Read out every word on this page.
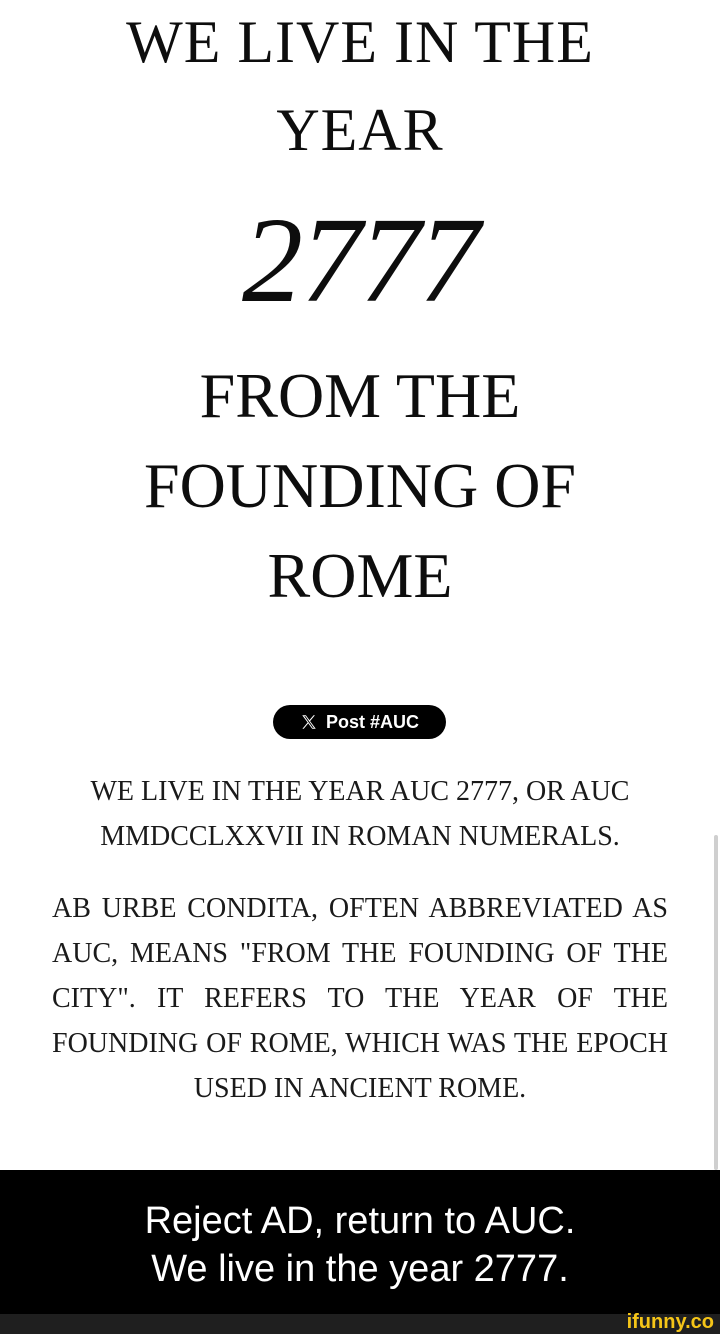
WE LIVE IN THE
YEAR
2777
FROM THE
FOUNDING OF
ROME
Post #AUC
WE LIVE IN THE YEAR AUC 2777, OR AUC MMDCCLXXVII IN ROMAN NUMERALS.
AB URBE CONDITA, OFTEN ABBREVIATED AS AUC, MEANS "FROM THE FOUNDING OF THE CITY". IT REFERS TO THE YEAR OF THE FOUNDING OF ROME, WHICH WAS THE EPOCH USED IN ANCIENT ROME.
Reject AD, return to AUC.
We live in the year 2777.
ifunny.co
